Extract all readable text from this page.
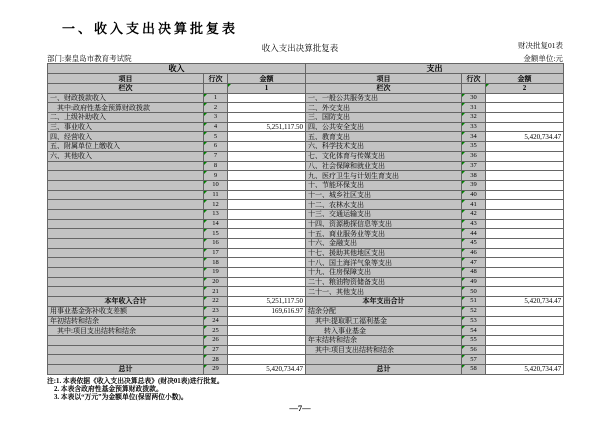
一、收入支出决算批复表
收入支出决算批复表	财决批复01表
部门:秦皇岛市教育考试院	金额单位:元
收入			支出		
项目	行次	金额	项目	行次	金额
栏次		1	栏次		2
一、财政拨款收入	1		一、一般公共服务支出	30	
其中:政府性基金预算财政拨款	2		二、外交支出	31	
二、上级补助收入	3		三、国防支出	32	
三、事业收入	4	5,251,117.50	四、公共安全支出	33	
四、经营收入	5		五、教育支出	34	5,420,734.47
五、附属单位上缴收入	6		六、科学技术支出	35	
六、其他收入	7		七、文化体育与传媒支出	36	
	8		八、社会保障和就业支出	37	
	9		九、医疗卫生与计划生育支出	38	
	10		十、节能环保支出	39	
	11		十一、城乡社区支出	40	
	12		十二、农林水支出	41	
	13		十三、交通运输支出	42	
	14		十四、资源勘探信息等支出	43	
	15		十五、商业服务业等支出	44	
	16		十六、金融支出	45	
	17		十七、援助其他地区支出	46	
	18		十八、国土海洋气象等支出	47	
	19		十九、住房保障支出	48	
	20		二十、粮油物资储备支出	49	
	21		二十一、其他支出	50	
本年收入合计	22	5,251,117.50	本年支出合计	51	5,420,734.47
用事业基金弥补收支差额	23	169,616.97	结余分配	52	
年初结转和结余	24		其中:提取职工福利基金	53	
其中:项目支出结转和结余	25		转入事业基金	54	
	26		年末结转和结余	55	
	27		其中:项目支出结转和结余	56	
	28			57	
总计	29	5,420,734.47	总计	58	5,420,734.47
注:1. 本表依据《收入支出决算总表》(财决01表)进行批复。
2. 本表含政府性基金预算财政拨款。
3. 本表以“万元”为金额单位(保留两位小数)。
—7—
